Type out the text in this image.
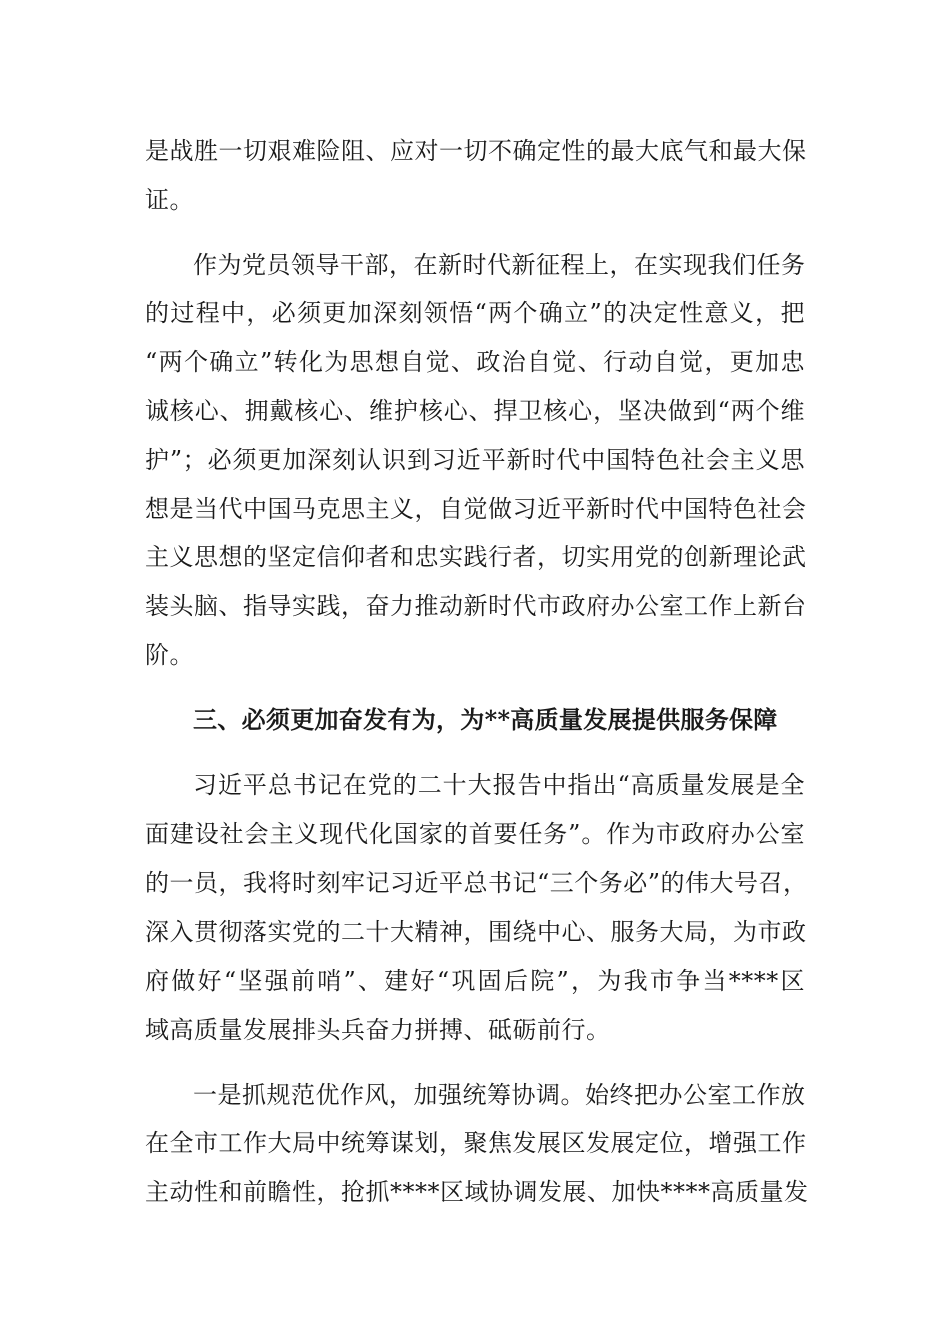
是战胜一切艰难险阻、应对一切不确定性的最大底气和最大保
证。
作为党员领导干部，在新时代新征程上，在实现我们任务
的过程中，必须更加深刻领悟“两个确立”的决定性意义，把
“两个确立”转化为思想自觉、政治自觉、行动自觉，更加忠
诚核心、拥戴核心、维护核心、捍卫核心，坚决做到“两个维
护”；必须更加深刻认识到习近平新时代中国特色社会主义思
想是当代中国马克思主义，自觉做习近平新时代中国特色社会
主义思想的坚定信仰者和忠实践行者，切实用党的创新理论武
装头脑、指导实践，奋力推动新时代市政府办公室工作上新台
阶。
三、必须更加奋发有为，为**高质量发展提供服务保障
习近平总书记在党的二十大报告中指出“高质量发展是全
面建设社会主义现代化国家的首要任务”。作为市政府办公室
的一员，我将时刻牢记习近平总书记“三个务必”的伟大号召，
深入贯彻落实党的二十大精神，围绕中心、服务大局，为市政
府做好“坚强前哨”、建好“巩固后院”，为我市争当****区
域高质量发展排头兵奋力拼搏、砥砺前行。
一是抓规范优作风，加强统筹协调。始终把办公室工作放
在全市工作大局中统筹谋划，聚焦发展区发展定位，增强工作
主动性和前瞻性，抢抓****区域协调发展、加快****高质量发
